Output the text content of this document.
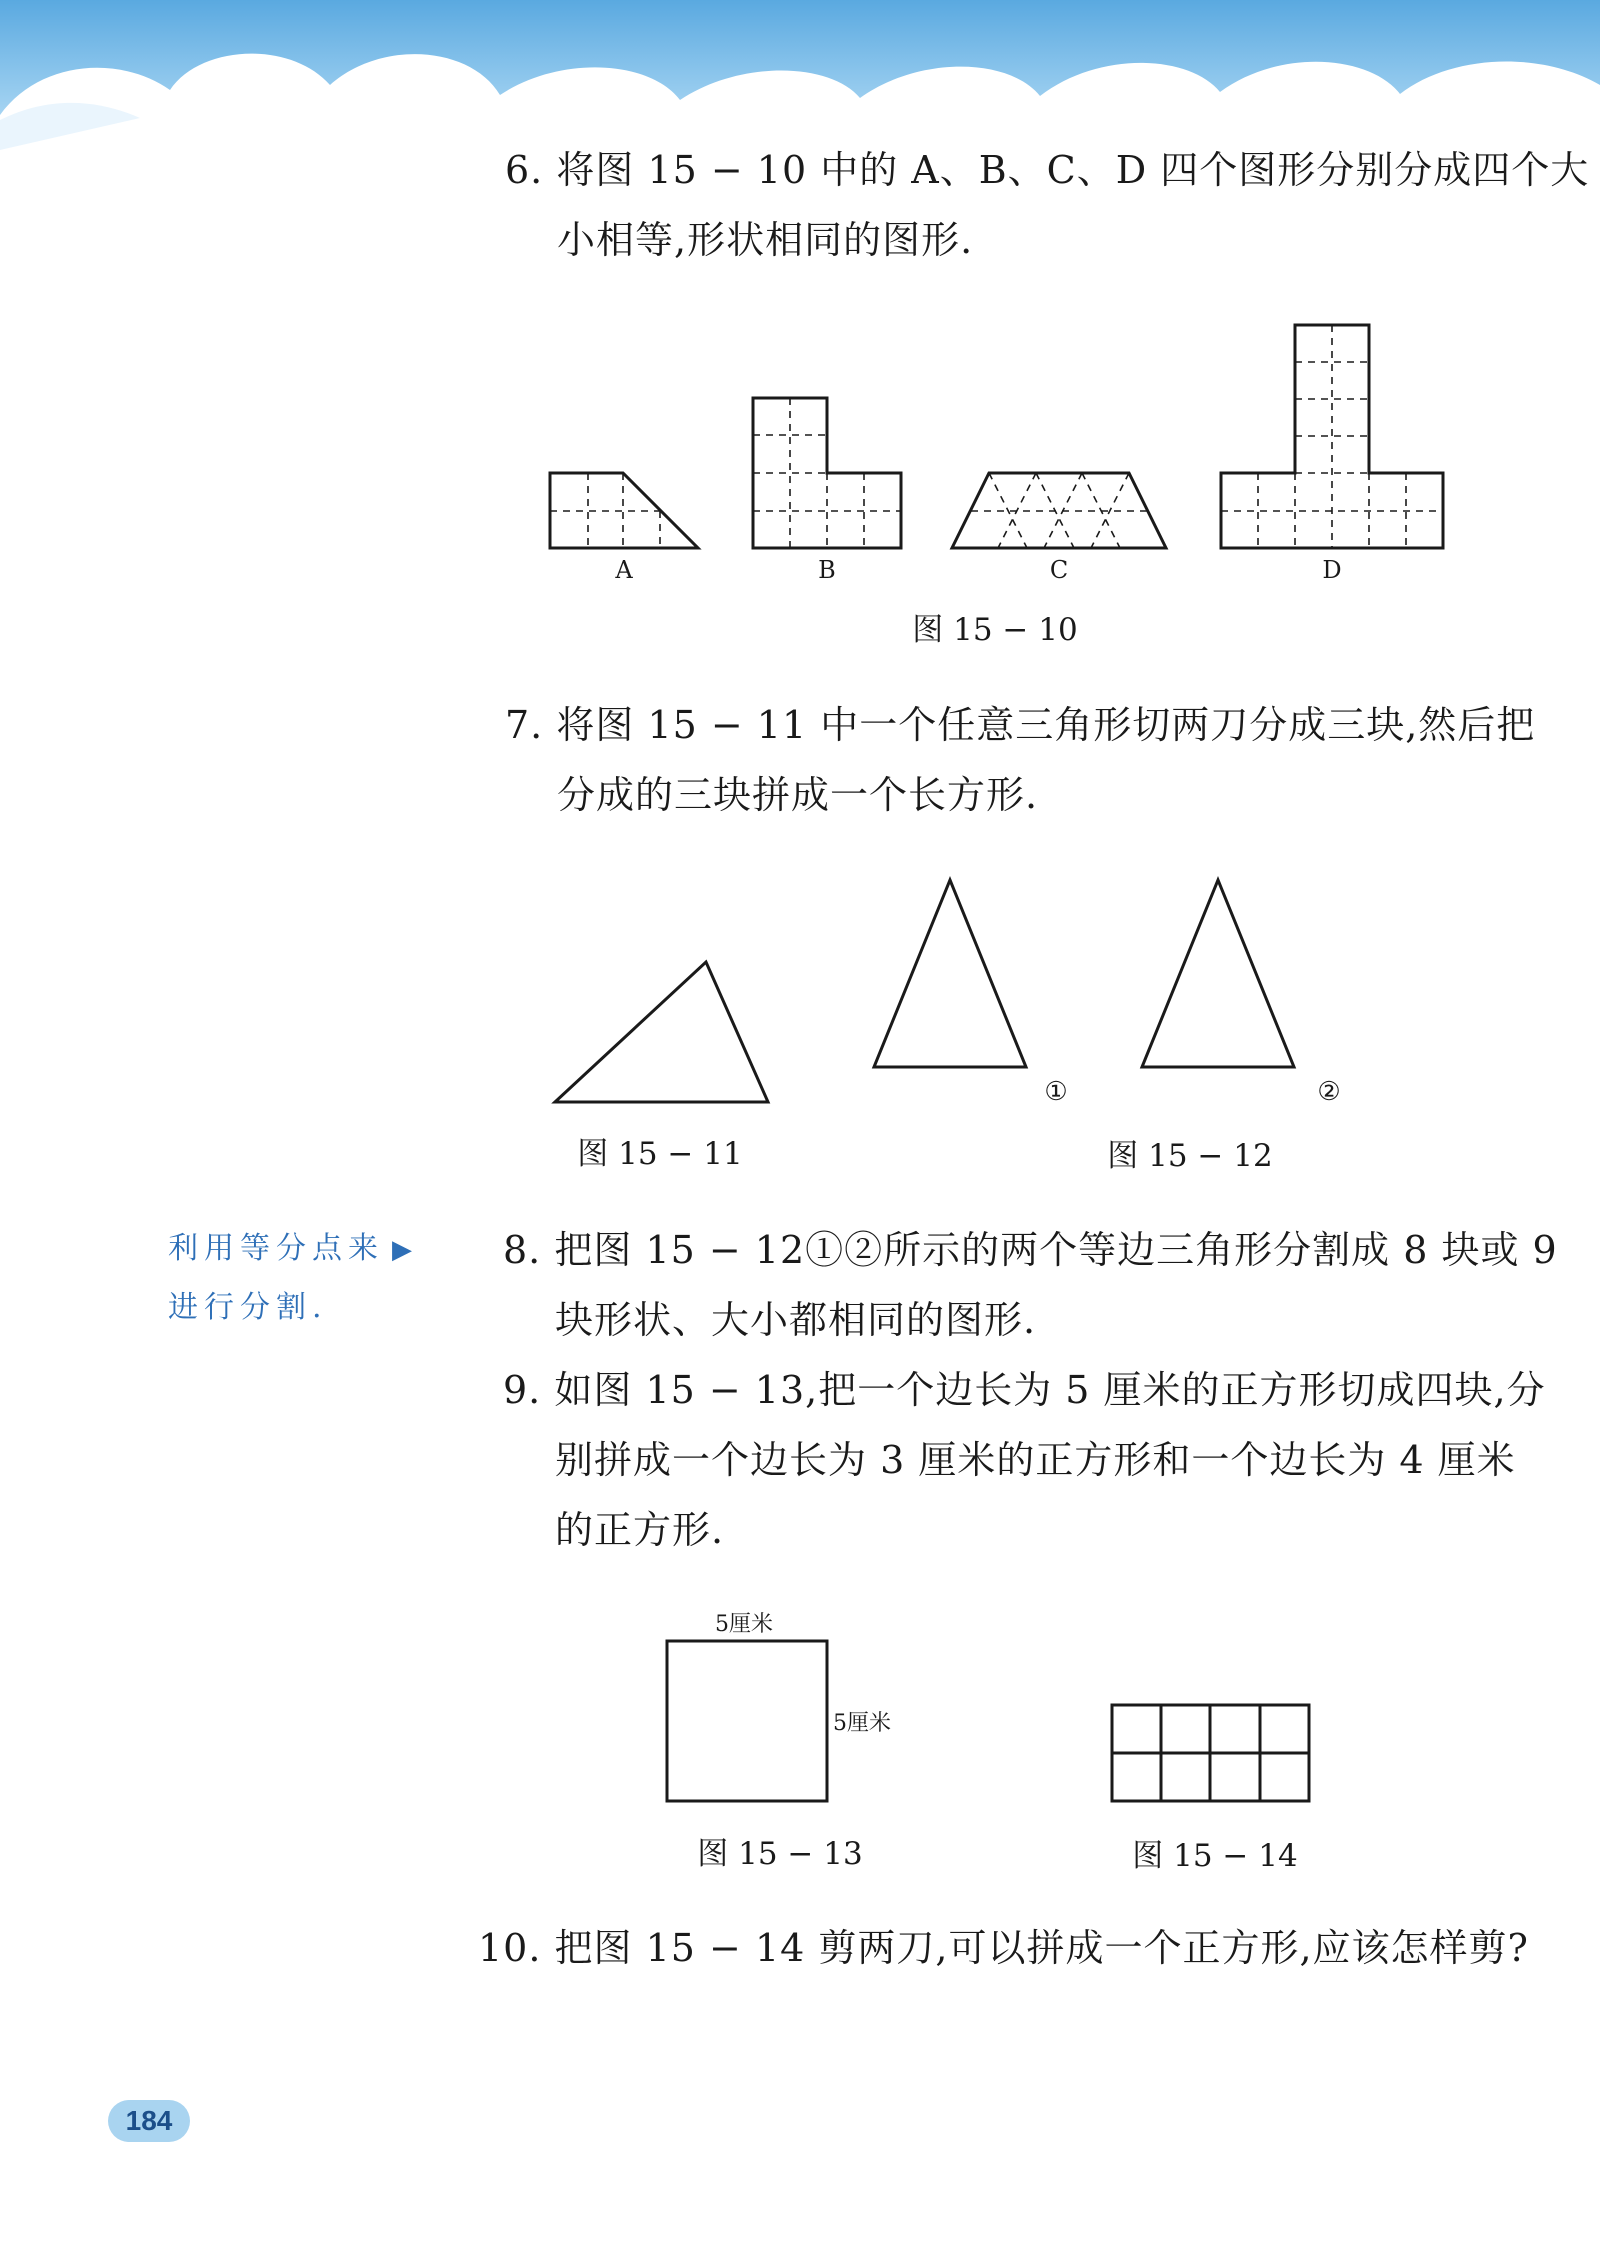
6. 将图 15 − 10 中的 A、B、C、D 四个图形分别分成四个大
小相等,形状相同的图形.
A	B	C	D
图 15 − 10
7. 将图 15 − 11 中一个任意三角形切两刀分成三块,然后把
分成的三块拼成一个长方形.
①	②
图 15 − 11	图 15 − 12
利用等分点来 ▶
进行分割.
8. 把图 15 − 12①②所示的两个等边三角形分割成 8 块或 9
块形状、大小都相同的图形.
9. 如图 15 − 13,把一个边长为 5 厘米的正方形切成四块,分
别拼成一个边长为 3 厘米的正方形和一个边长为 4 厘米
的正方形.
5厘米
5厘米
图 15 − 13	图 15 − 14
10. 把图 15 − 14 剪两刀,可以拼成一个正方形,应该怎样剪?
184
